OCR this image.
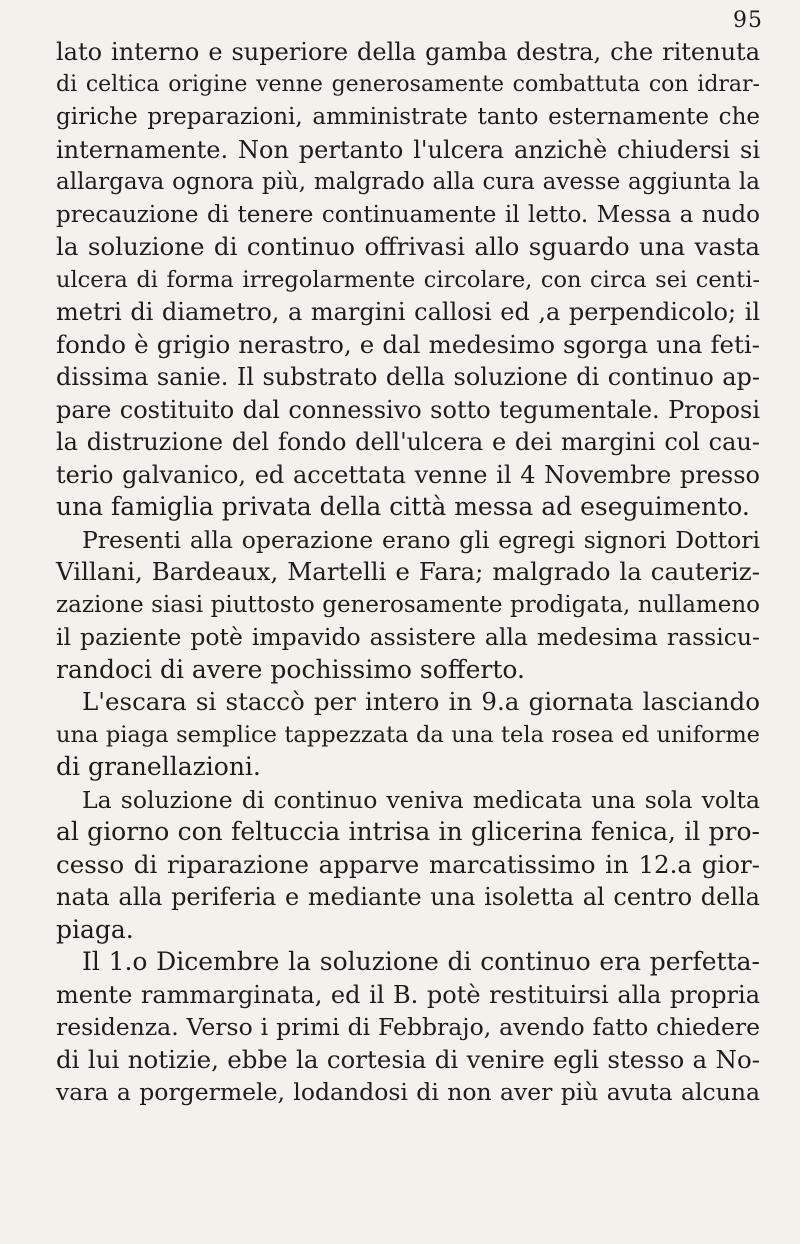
95
lato interno e superiore della gamba destra, che ritenuta
di celtica origine venne generosamente combattuta con idrar-
giriche preparazioni, amministrate tanto esternamente che
internamente. Non pertanto l'ulcera anzichè chiudersi si
allargava ognora più, malgrado alla cura avesse aggiunta la
precauzione di tenere continuamente il letto. Messa a nudo
la soluzione di continuo offrivasi allo sguardo una vasta
ulcera di forma irregolarmente circolare, con circa sei centi-
metri di diametro, a margini callosi ed ,a perpendicolo; il
fondo è grigio nerastro, e dal medesimo sgorga una feti-
dissima sanie. Il substrato della soluzione di continuo ap-
pare costituito dal connessivo sotto tegumentale. Proposi
la distruzione del fondo dell'ulcera e dei margini col cau-
terio galvanico, ed accettata venne il 4 Novembre presso
una famiglia privata della città messa ad eseguimento.
Presenti alla operazione erano gli egregi signori Dottori
Villani, Bardeaux, Martelli e Fara; malgrado la cauteriz-
zazione siasi piuttosto generosamente prodigata, nullameno
il paziente potè impavido assistere alla medesima rassicu-
randoci di avere pochissimo sofferto.
L'escara si staccò per intero in 9.a giornata lasciando
una piaga semplice tappezzata da una tela rosea ed uniforme
di granellazioni.
La soluzione di continuo veniva medicata una sola volta
al giorno con feltuccia intrisa in glicerina fenica, il pro-
cesso di riparazione apparve marcatissimo in 12.a gior-
nata alla periferia e mediante una isoletta al centro della
piaga.
Il 1.o Dicembre la soluzione di continuo era perfetta-
mente rammarginata, ed il B. potè restituirsi alla propria
residenza. Verso i primi di Febbrajo, avendo fatto chiedere
di lui notizie, ebbe la cortesia di venire egli stesso a No-
vara a porgermele, lodandosi di non aver più avuta alcuna
